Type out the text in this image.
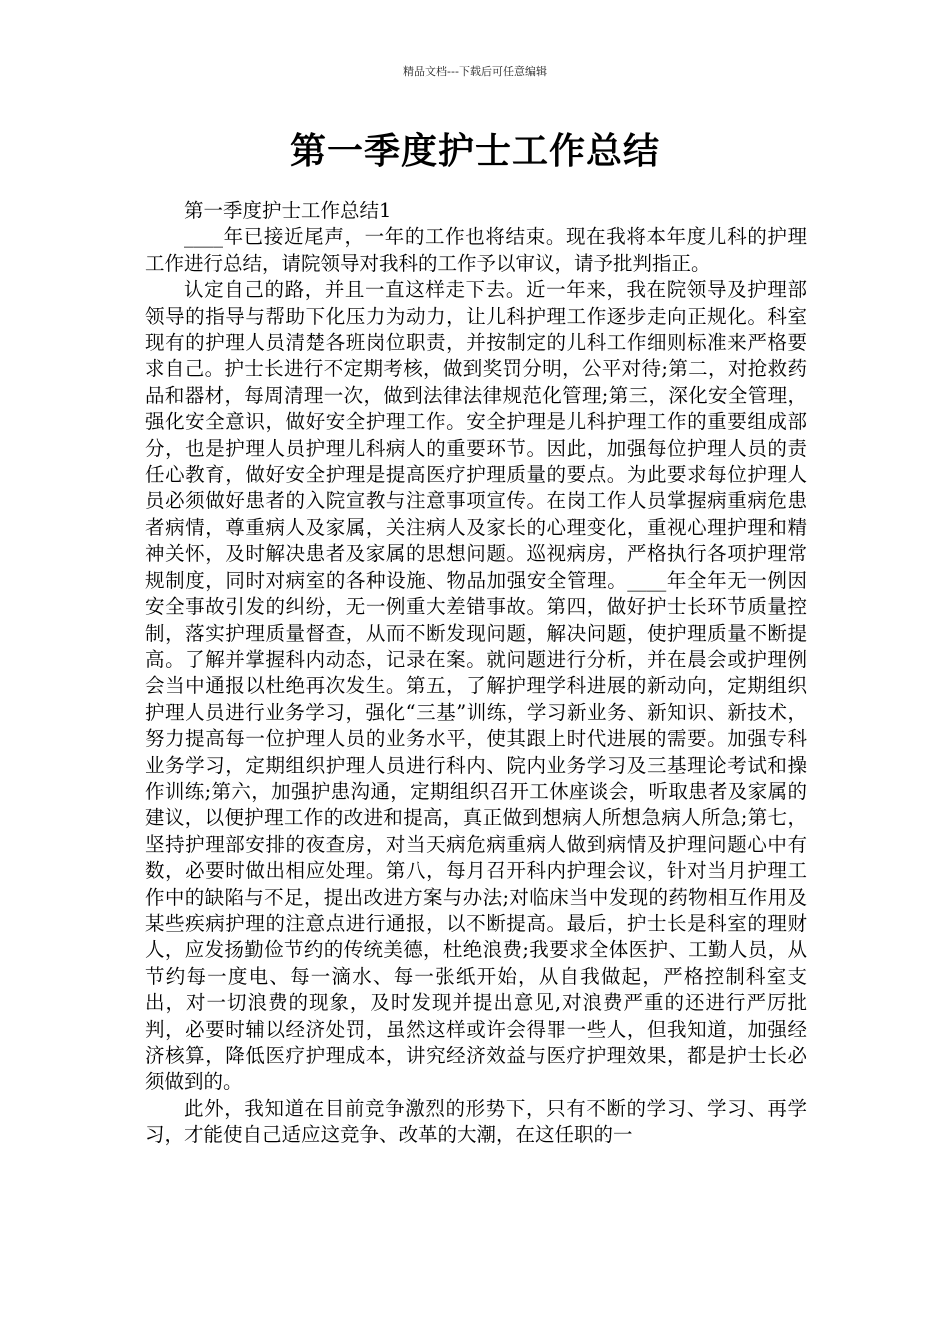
精品文档---下载后可任意编辑
第一季度护士工作总结

第一季度护士工作总结1

____年已接近尾声，一年的工作也将结束。现在我将本年度儿科的护理工作进行总结，请院领导对我科的工作予以审议，请予批判指正。

认定自己的路，并且一直这样走下去。近一年来，我在院领导及护理部领导的指导与帮助下化压力为动力，让儿科护理工作逐步走向正规化。科室现有的护理人员清楚各班岗位职责，并按制定的儿科工作细则标准来严格要求自己。护士长进行不定期考核，做到奖罚分明，公平对待;第二，对抢救药品和器材，每周清理一次，做到法律法律规范化管理;第三，深化安全管理，强化安全意识，做好安全护理工作。安全护理是儿科护理工作的重要组成部分，也是护理人员护理儿科病人的重要环节。因此，加强每位护理人员的责任心教育，做好安全护理是提高医疗护理质量的要点。为此要求每位护理人员必须做好患者的入院宣教与注意事项宣传。在岗工作人员掌握病重病危患者病情，尊重病人及家属，关注病人及家长的心理变化，重视心理护理和精神关怀，及时解决患者及家属的思想问题。巡视病房，严格执行各项护理常规制度，同时对病室的各种设施、物品加强安全管理。____年全年无一例因安全事故引发的纠纷，无一例重大差错事故。第四，做好护士长环节质量控制，落实护理质量督查，从而不断发现问题，解决问题，使护理质量不断提高。了解并掌握科内动态，记录在案。就问题进行分析，并在晨会或护理例会当中通报以杜绝再次发生。第五，了解护理学科进展的新动向，定期组织护理人员进行业务学习，强化“三基”训练，学习新业务、新知识、新技术，努力提高每一位护理人员的业务水平，使其跟上时代进展的需要。加强专科业务学习，定期组织护理人员进行科内、院内业务学习及三基理论考试和操作训练;第六，加强护患沟通，定期组织召开工休座谈会，听取患者及家属的建议，以便护理工作的改进和提高，真正做到想病人所想急病人所急;第七，坚持护理部安排的夜查房，对当天病危病重病人做到病情及护理问题心中有数，必要时做出相应处理。第八，每月召开科内护理会议，针对当月护理工作中的缺陷与不足，提出改进方案与办法;对临床当中发现的药物相互作用及某些疾病护理的注意点进行通报，以不断提高。最后，护士长是科室的理财人，应发扬勤俭节约的传统美德，杜绝浪费;我要求全体医护、工勤人员，从节约每一度电、每一滴水、每一张纸开始，从自我做起，严格控制科室支出，对一切浪费的现象，及时发现并提出意见,对浪费严重的还进行严厉批判，必要时辅以经济处罚，虽然这样或许会得罪一些人，但我知道，加强经济核算，降低医疗护理成本，讲究经济效益与医疗护理效果，都是护士长必须做到的。

此外，我知道在目前竞争激烈的形势下，只有不断的学习、学习、再学习，才能使自己适应这竞争、改革的大潮，在这任职的一
